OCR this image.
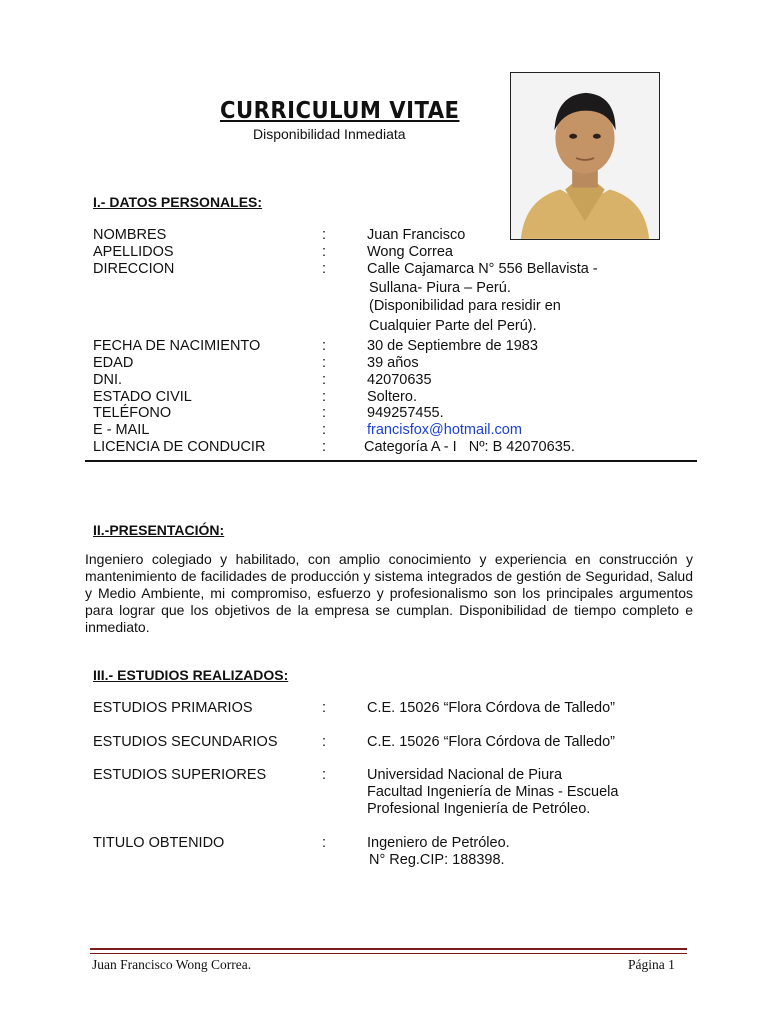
CURRICULUM VITAE
Disponibilidad Inmediata
I.- DATOS PERSONALES:
NOMBRES	:	Juan Francisco
APELLIDOS	:	Wong Correa
DIRECCION	:	Calle Cajamarca N° 556 Bellavista -
Sullana- Piura – Perú.
(Disponibilidad para residir en
Cualquier Parte del Perú).
FECHA DE NACIMIENTO	:	30 de Septiembre de 1983
EDAD	:	39 años
DNI.	:	42070635
ESTADO CIVIL	:	Soltero.
TELÉFONO	:	949257455.
E - MAIL	:	francisfox@hotmail.com
LICENCIA DE CONDUCIR	:	Categoría A - I   Nº: B 42070635.
II.-PRESENTACIÓN:
Ingeniero colegiado y habilitado, con amplio conocimiento y experiencia en construcción y mantenimiento de facilidades de producción y sistema integrados de gestión de Seguridad, Salud y Medio Ambiente, mi compromiso, esfuerzo y profesionalismo son los principales argumentos para lograr que los objetivos de la empresa se cumplan. Disponibilidad de tiempo completo e inmediato.
III.- ESTUDIOS REALIZADOS:
ESTUDIOS PRIMARIOS	:	C.E. 15026 “Flora Córdova de Talledo”
ESTUDIOS SECUNDARIOS	:	C.E. 15026 “Flora Córdova de Talledo”
ESTUDIOS SUPERIORES	:	Universidad Nacional de Piura
Facultad Ingeniería de Minas - Escuela
Profesional Ingeniería de Petróleo.
TITULO OBTENIDO	:	Ingeniero de Petróleo.
N° Reg.CIP: 188398.
Juan Francisco Wong Correa.	Página 1
